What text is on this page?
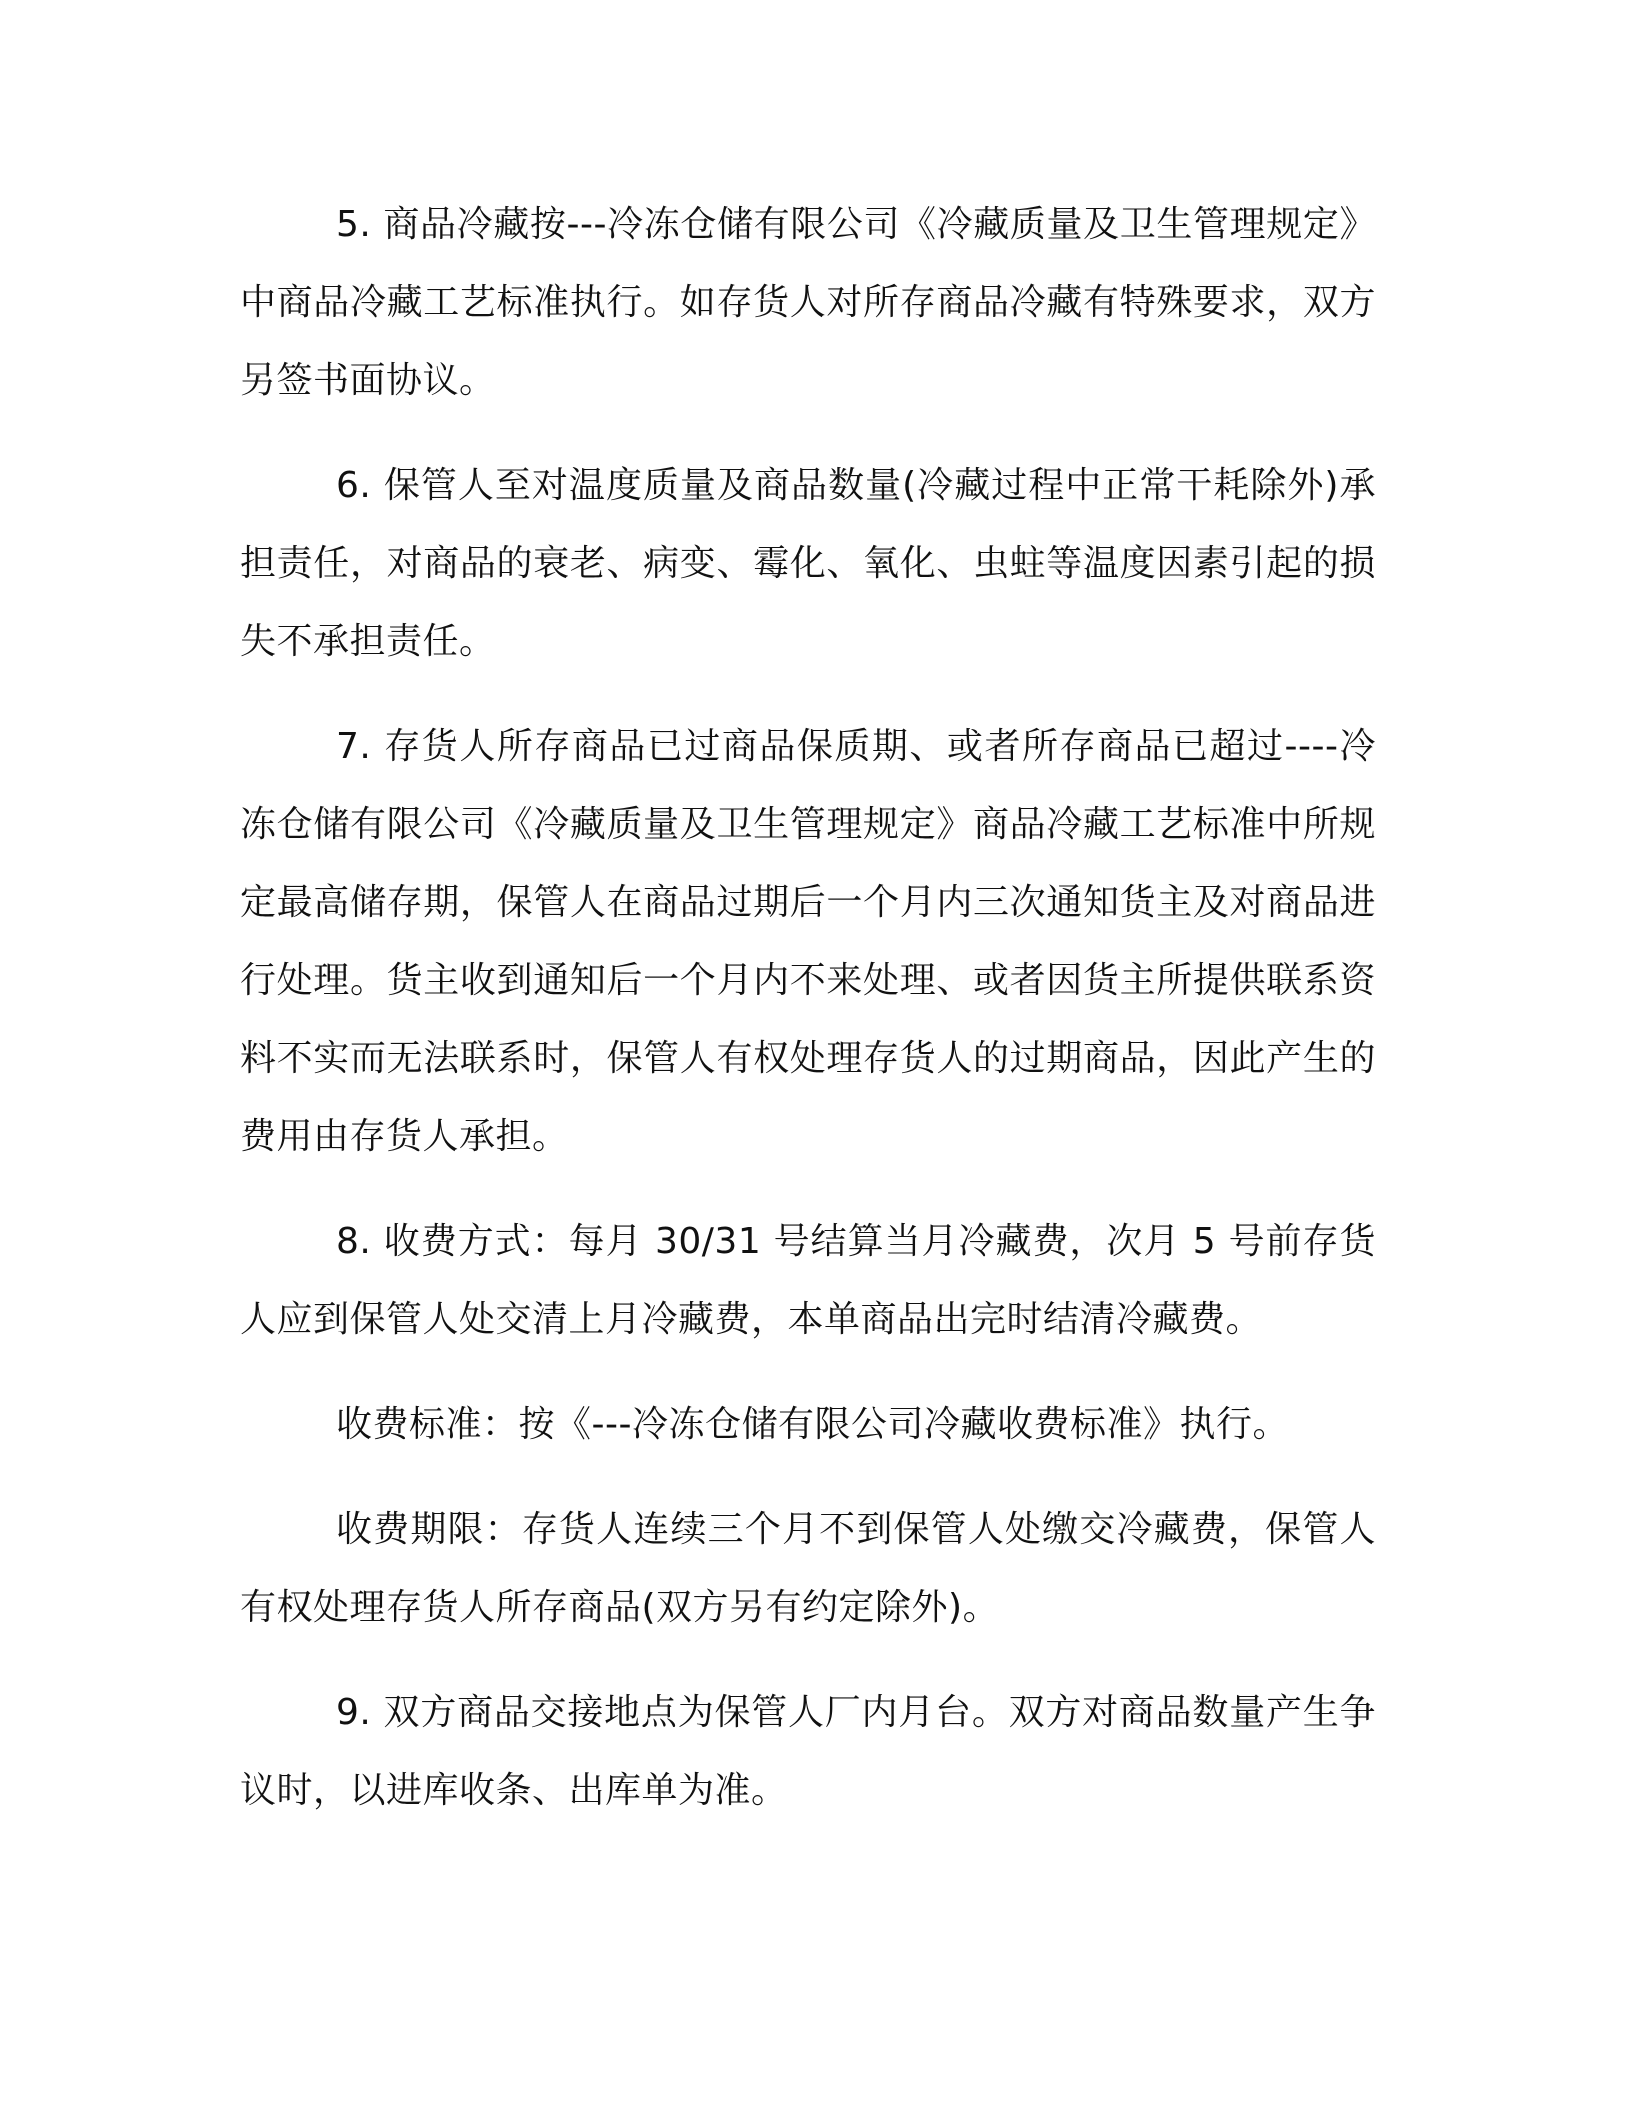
5. 商品冷藏按---冷冻仓储有限公司《冷藏质量及卫生管理规定》中商品冷藏工艺标准执行。如存货人对所存商品冷藏有特殊要求，双方另签书面协议。

6. 保管人至对温度质量及商品数量(冷藏过程中正常干耗除外)承担责任，对商品的衰老、病变、霉化、氧化、虫蛀等温度因素引起的损失不承担责任。

7. 存货人所存商品已过商品保质期、或者所存商品已超过----冷冻仓储有限公司《冷藏质量及卫生管理规定》商品冷藏工艺标准中所规定最高储存期，保管人在商品过期后一个月内三次通知货主及对商品进行处理。货主收到通知后一个月内不来处理、或者因货主所提供联系资料不实而无法联系时，保管人有权处理存货人的过期商品，因此产生的费用由存货人承担。

8. 收费方式：每月 30/31 号结算当月冷藏费，次月 5 号前存货人应到保管人处交清上月冷藏费，本单商品出完时结清冷藏费。

收费标准：按《---冷冻仓储有限公司冷藏收费标准》执行。

收费期限：存货人连续三个月不到保管人处缴交冷藏费，保管人有权处理存货人所存商品(双方另有约定除外)。

9. 双方商品交接地点为保管人厂内月台。双方对商品数量产生争议时，以进库收条、出库单为准。
